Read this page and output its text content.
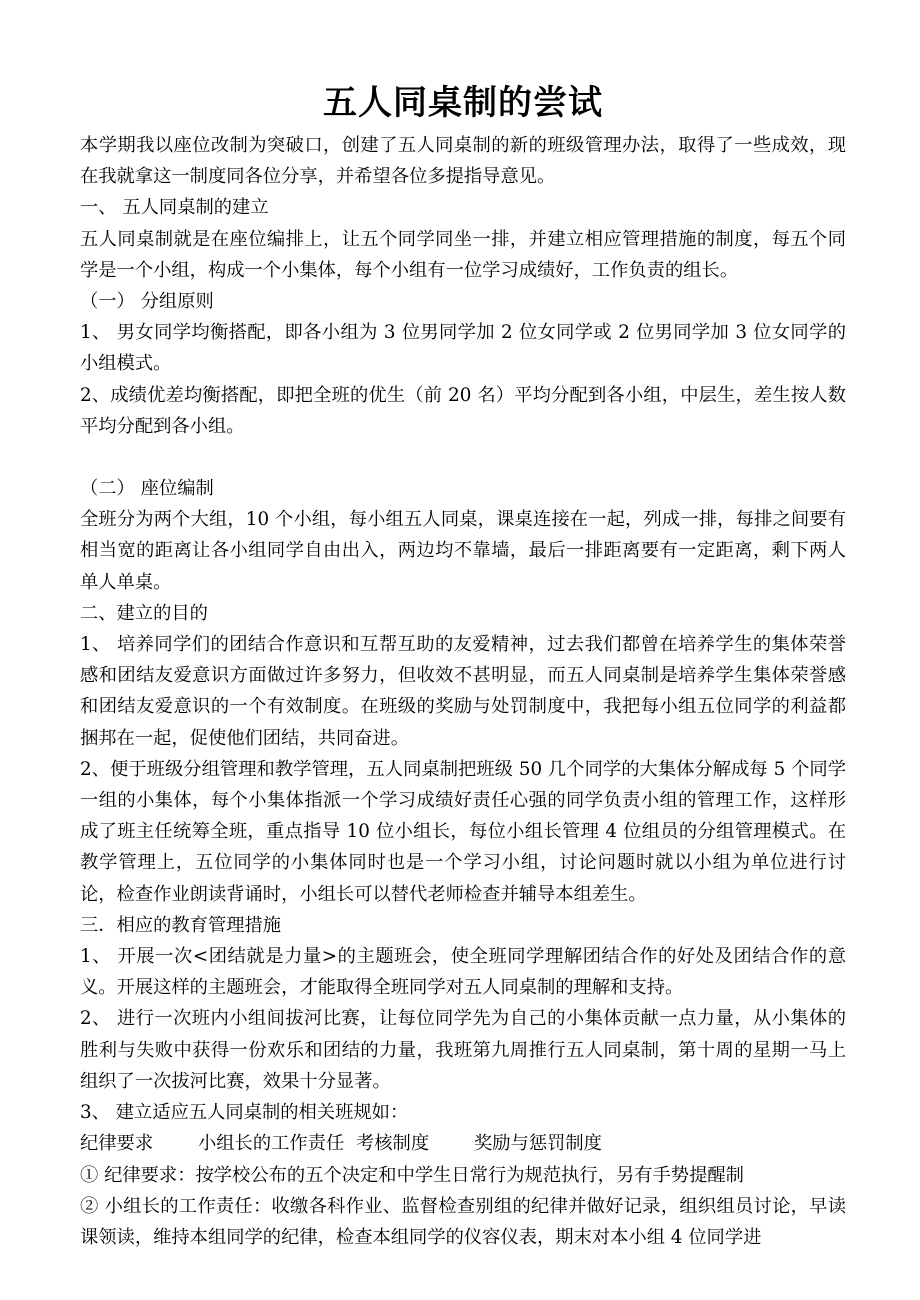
五人同桌制的尝试

本学期我以座位改制为突破口，创建了五人同桌制的新的班级管理办法，取得了一些成效，现在我就拿这一制度同各位分享，并希望各位多提指导意见。

一、 五人同桌制的建立

五人同桌制就是在座位编排上，让五个同学同坐一排，并建立相应管理措施的制度，每五个同学是一个小组，构成一个小集体，每个小组有一位学习成绩好，工作负责的组长。

（一） 分组原则

1、 男女同学均衡搭配，即各小组为 3 位男同学加 2 位女同学或 2 位男同学加 3 位女同学的小组模式。

2、成绩优差均衡搭配，即把全班的优生（前 20 名）平均分配到各小组，中层生，差生按人数平均分配到各小组。

（二） 座位编制

全班分为两个大组，10 个小组，每小组五人同桌，课桌连接在一起，列成一排，每排之间要有相当宽的距离让各小组同学自由出入，两边均不靠墙，最后一排距离要有一定距离，剩下两人单人单桌。

二、建立的目的

1、 培养同学们的团结合作意识和互帮互助的友爱精神，过去我们都曾在培养学生的集体荣誉感和团结友爱意识方面做过许多努力，但收效不甚明显，而五人同桌制是培养学生集体荣誉感和团结友爱意识的一个有效制度。在班级的奖励与处罚制度中，我把每小组五位同学的利益都捆邦在一起，促使他们团结，共同奋进。

2、便于班级分组管理和教学管理，五人同桌制把班级 50 几个同学的大集体分解成每 5 个同学一组的小集体，每个小集体指派一个学习成绩好责任心强的同学负责小组的管理工作，这样形成了班主任统筹全班，重点指导 10 位小组长，每位小组长管理 4 位组员的分组管理模式。在教学管理上，五位同学的小集体同时也是一个学习小组，讨论问题时就以小组为单位进行讨论，检查作业朗读背诵时，小组长可以替代老师检查并辅导本组差生。

三．相应的教育管理措施

1、 开展一次<团结就是力量>的主题班会，使全班同学理解团结合作的好处及团结合作的意义。开展这样的主题班会，才能取得全班同学对五人同桌制的理解和支持。

2、 进行一次班内小组间拔河比赛，让每位同学先为自己的小集体贡献一点力量，从小集体的胜利与失败中获得一份欢乐和团结的力量，我班第九周推行五人同桌制，第十周的星期一马上组织了一次拔河比赛，效果十分显著。

3、 建立适应五人同桌制的相关班规如：

纪律要求 小组长的工作责任 考核制度 奖励与惩罚制度

① 纪律要求：按学校公布的五个决定和中学生日常行为规范执行，另有手势提醒制

② 小组长的工作责任：收缴各科作业、监督检查别组的纪律并做好记录，组织组员讨论，早读课领读，维持本组同学的纪律，检查本组同学的仪容仪表，期末对本小组 4 位同学进
